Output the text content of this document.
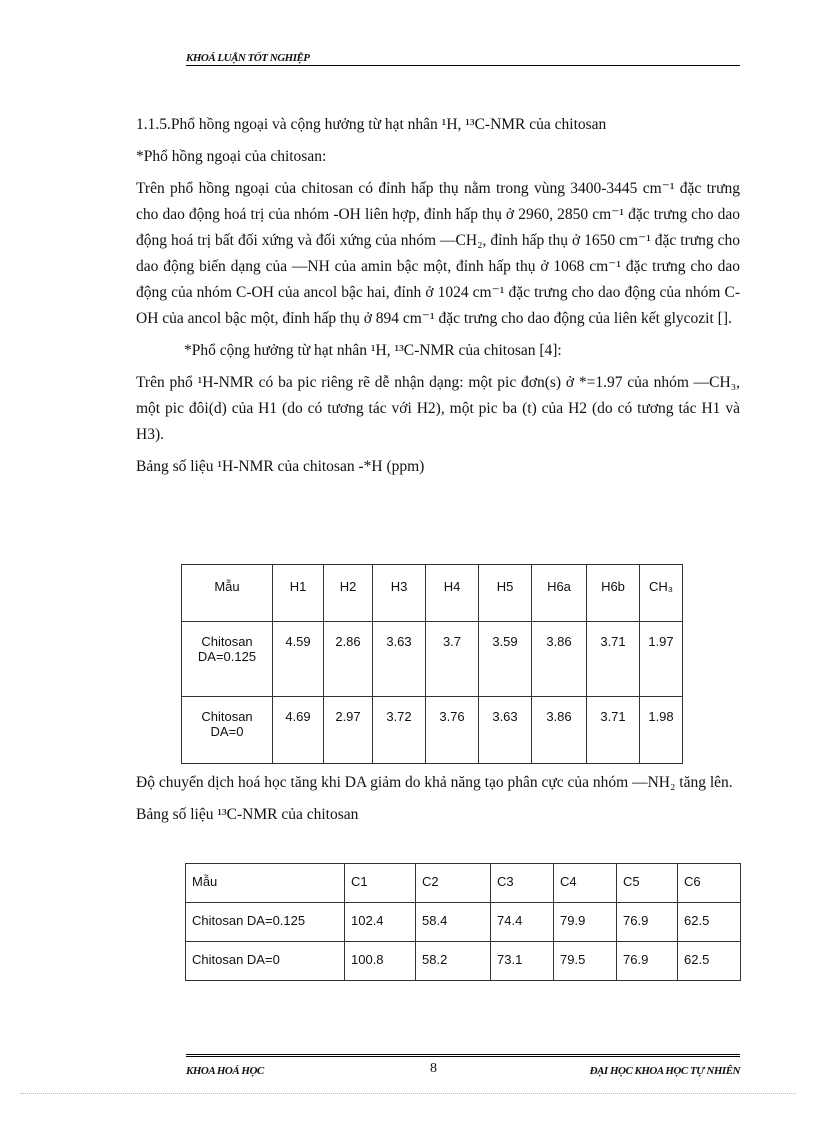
KHOÁ LUẬN TỐT NGHIỆP

1.1.5.Phổ hồng ngoại và cộng hưởng từ hạt nhân ¹H, ¹³C-NMR của chitosan

*Phổ hồng ngoại của chitosan:

Trên phổ hồng ngoại của chitosan có đỉnh hấp thụ nằm trong vùng 3400-3445 cm⁻¹ đặc trưng cho dao động hoá trị của nhóm -OH liên hợp, đỉnh hấp thụ ở 2960, 2850 cm⁻¹ đặc trưng cho dao động hoá trị bất đối xứng và đối xứng của nhóm —CH₂, đỉnh hấp thụ ở 1650 cm⁻¹ đặc trưng cho dao động biến dạng của —NH của amin bậc một, đỉnh hấp thụ ở 1068 cm⁻¹ đặc trưng cho dao động của nhóm C-OH của ancol bậc hai, đỉnh ở 1024 cm⁻¹ đặc trưng cho dao động của nhóm C-OH của ancol bậc một, đỉnh hấp thụ ở 894 cm⁻¹ đặc trưng cho dao động của liên kết glycozit [].

*Phổ cộng hưởng từ hạt nhân ¹H, ¹³C-NMR của chitosan [4]:

Trên phổ ¹H-NMR có ba pic riêng rẽ dễ nhận dạng: một pic đơn(s) ở *=1.97 của nhóm —CH₃, một pic đôi(d) của H1 (do có tương tác với H2), một pic ba (t) của H2 (do có tương tác H1 và H3).

Bảng số liệu ¹H-NMR của chitosan -*H (ppm)

Mẫu	H1	H2	H3	H4	H5	H6a	H6b	CH₃
Chitosan DA=0.125	4.59	2.86	3.63	3.7	3.59	3.86	3.71	1.97
Chitosan DA=0	4.69	2.97	3.72	3.76	3.63	3.86	3.71	1.98

Độ chuyển dịch hoá học tăng khi DA giảm do khả năng tạo phân cực của nhóm —NH₂ tăng lên.

Bảng số liệu ¹³C-NMR của chitosan

Mẫu	C1	C2	C3	C4	C5	C6
Chitosan DA=0.125	102.4	58.4	74.4	79.9	76.9	62.5
Chitosan DA=0	100.8	58.2	73.1	79.5	76.9	62.5
KHOA HOÁ HỌC	8	ĐẠI HỌC KHOA HỌC TỰ NHIÊN
